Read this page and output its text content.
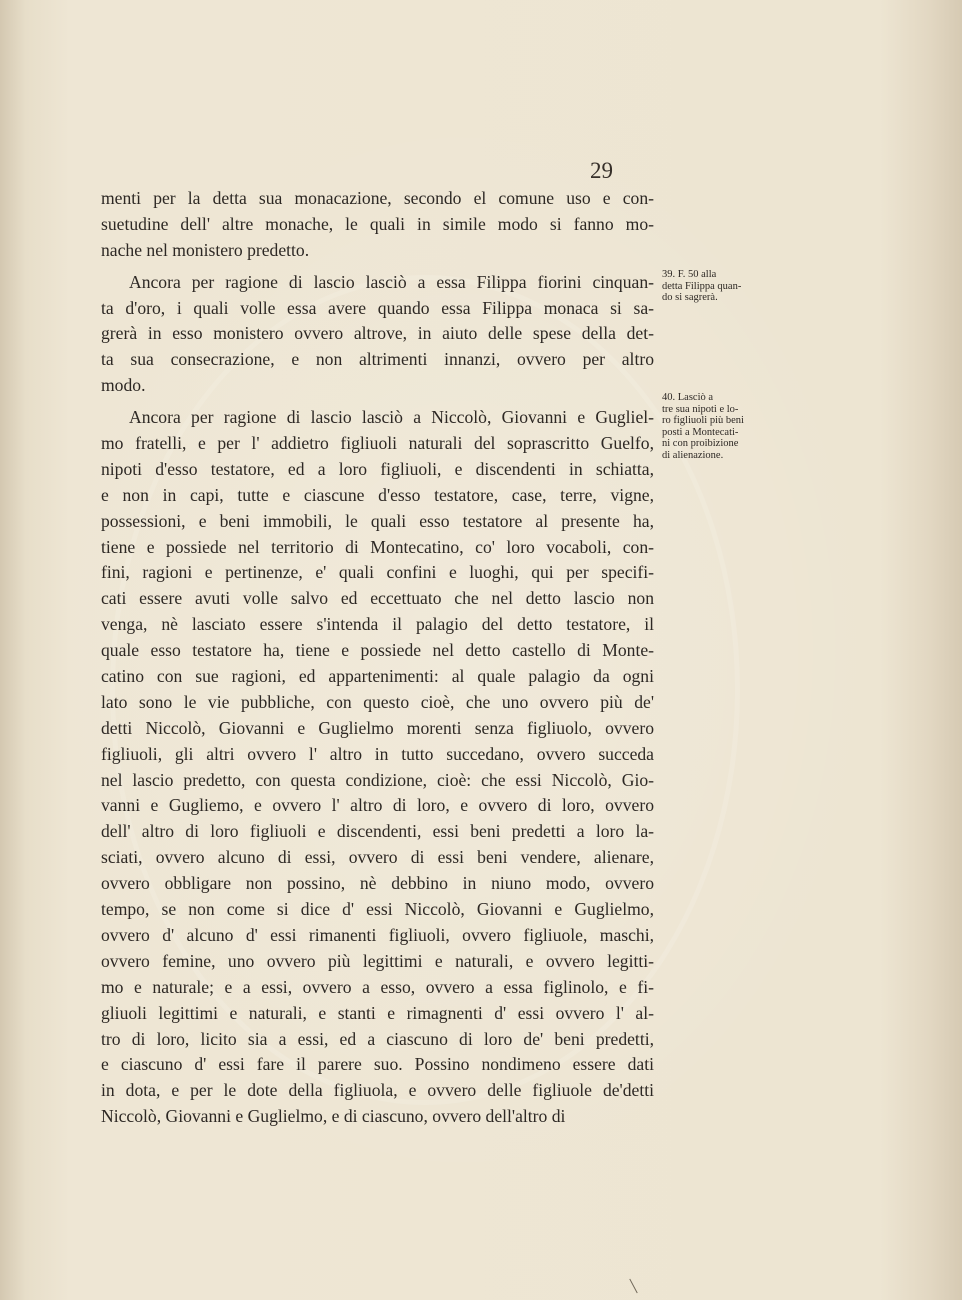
29
menti per la detta sua monacazione, secondo el comune uso e con-
suetudine dell' altre monache, le quali in simile modo si fanno mo-
nache nel monistero predetto.
Ancora per ragione di lascio lasciò a essa Filippa fiorini cinquan-
ta d'oro, i quali volle essa avere quando essa Filippa monaca si sa-
grerà in esso monistero ovvero altrove, in aiuto delle spese della det-
ta sua consecrazione, e non altrimenti innanzi, ovvero per altro
modo.
Ancora per ragione di lascio lasciò a Niccolò, Giovanni e Gugliel-
mo fratelli, e per l' addietro figliuoli naturali del soprascritto Guelfo,
nipoti d'esso testatore, ed a loro figliuoli, e discendenti in schiatta,
e non in capi, tutte e ciascune d'esso testatore, case, terre, vigne,
possessioni, e beni immobili, le quali esso testatore al presente ha,
tiene e possiede nel territorio di Montecatino, co' loro vocaboli, con-
fini, ragioni e pertinenze, e' quali confini e luoghi, qui per specifi-
cati essere avuti volle salvo ed eccettuato che nel detto lascio non
venga, nè lasciato essere s'intenda il palagio del detto testatore, il
quale esso testatore ha, tiene e possiede nel detto castello di Monte-
catino con sue ragioni, ed appartenimenti: al quale palagio da ogni
lato sono le vie pubbliche, con questo cioè, che uno ovvero più de'
detti Niccolò, Giovanni e Guglielmo morenti senza figliuolo, ovvero
figliuoli, gli altri ovvero l' altro in tutto succedano, ovvero succeda
nel lascio predetto, con questa condizione, cioè: che essi Niccolò, Gio-
vanni e Gugliemo, e ovvero l' altro di loro, e ovvero di loro, ovvero
dell' altro di loro figliuoli e discendenti, essi beni predetti a loro la-
sciati, ovvero alcuno di essi, ovvero di essi beni vendere, alienare,
ovvero obbligare non possino, nè debbino in niuno modo, ovvero
tempo, se non come si dice d' essi Niccolò, Giovanni e Guglielmo,
ovvero d' alcuno d' essi rimanenti figliuoli, ovvero figliuole, maschi,
ovvero femine, uno ovvero più legittimi e naturali, e ovvero legitti-
mo e naturale; e a essi, ovvero a esso, ovvero a essa figlinolo, e fi-
gliuoli legittimi e naturali, e stanti e rimagnenti d' essi ovvero l' al-
tro di loro, licito sia a essi, ed a ciascuno di loro de' beni predetti,
e ciascuno d' essi fare il parere suo. Possino nondimeno essere dati
in dota, e per le dote della figliuola, e ovvero delle figliuole de'detti
Niccolò, Giovanni e Guglielmo, e di ciascuno, ovvero dell'altro di
39. F. 50 alla
detta Filippa quan-
do si sagrerà.
40. Lasciò a
tre sua nipoti e lo-
ro figliuoli più beni
posti a Montecati-
ni con proibizione
di alienazione.
